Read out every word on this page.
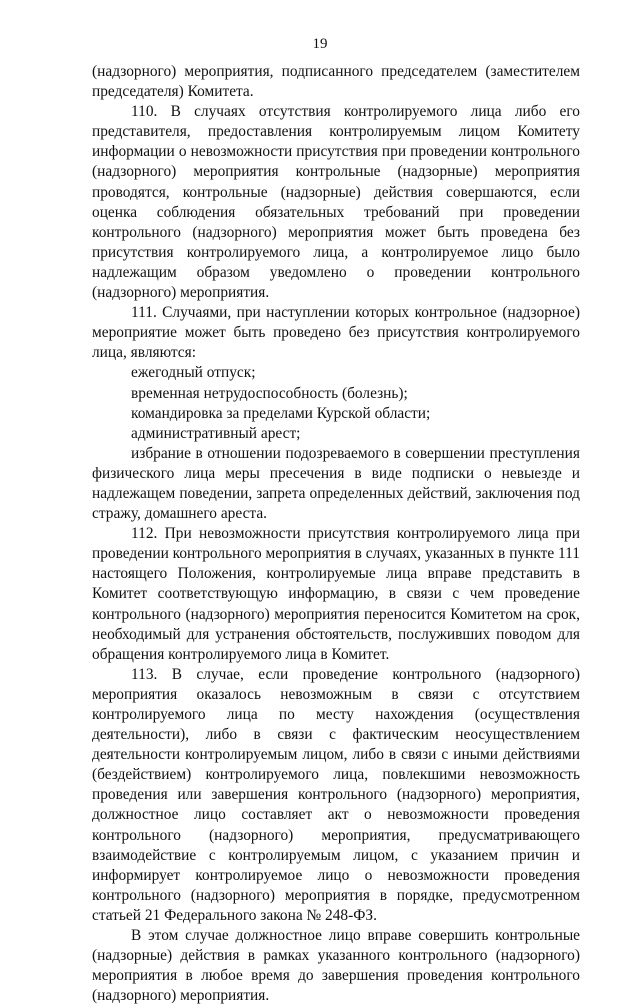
19

(надзорного) мероприятия, подписанного председателем (заместителем председателя) Комитета.

110. В случаях отсутствия контролируемого лица либо его представителя, предоставления контролируемым лицом Комитету информации о невозможности присутствия при проведении контрольного (надзорного) мероприятия контрольные (надзорные) мероприятия проводятся, контрольные (надзорные) действия совершаются, если оценка соблюдения обязательных требований при проведении контрольного (надзорного) мероприятия может быть проведена без присутствия контролируемого лица, а контролируемое лицо было надлежащим образом уведомлено о проведении контрольного (надзорного) мероприятия.

111. Случаями, при наступлении которых контрольное (надзорное) мероприятие может быть проведено без присутствия контролируемого лица, являются:

ежегодный отпуск;

временная нетрудоспособность (болезнь);

командировка за пределами Курской области;

административный арест;

избрание в отношении подозреваемого в совершении преступления физического лица меры пресечения в виде подписки о невыезде и надлежащем поведении, запрета определенных действий, заключения под стражу, домашнего ареста.

112. При невозможности присутствия контролируемого лица при проведении контрольного мероприятия в случаях, указанных в пункте 111 настоящего Положения, контролируемые лица вправе представить в Комитет соответствующую информацию, в связи с чем проведение контрольного (надзорного) мероприятия переносится Комитетом на срок, необходимый для устранения обстоятельств, послуживших поводом для обращения контролируемого лица в Комитет.

113. В случае, если проведение контрольного (надзорного) мероприятия оказалось невозможным в связи с отсутствием контролируемого лица по месту нахождения (осуществления деятельности), либо в связи с фактическим неосуществлением деятельности контролируемым лицом, либо в связи с иными действиями (бездействием) контролируемого лица, повлекшими невозможность проведения или завершения контрольного (надзорного) мероприятия, должностное лицо составляет акт о невозможности проведения контрольного (надзорного) мероприятия, предусматривающего взаимодействие с контролируемым лицом, с указанием причин и информирует контролируемое лицо о невозможности проведения контрольного (надзорного) мероприятия в порядке, предусмотренном статьей 21 Федерального закона № 248-ФЗ.

В этом случае должностное лицо вправе совершить контрольные (надзорные) действия в рамках указанного контрольного (надзорного) мероприятия в любое время до завершения проведения контрольного (надзорного) мероприятия.
